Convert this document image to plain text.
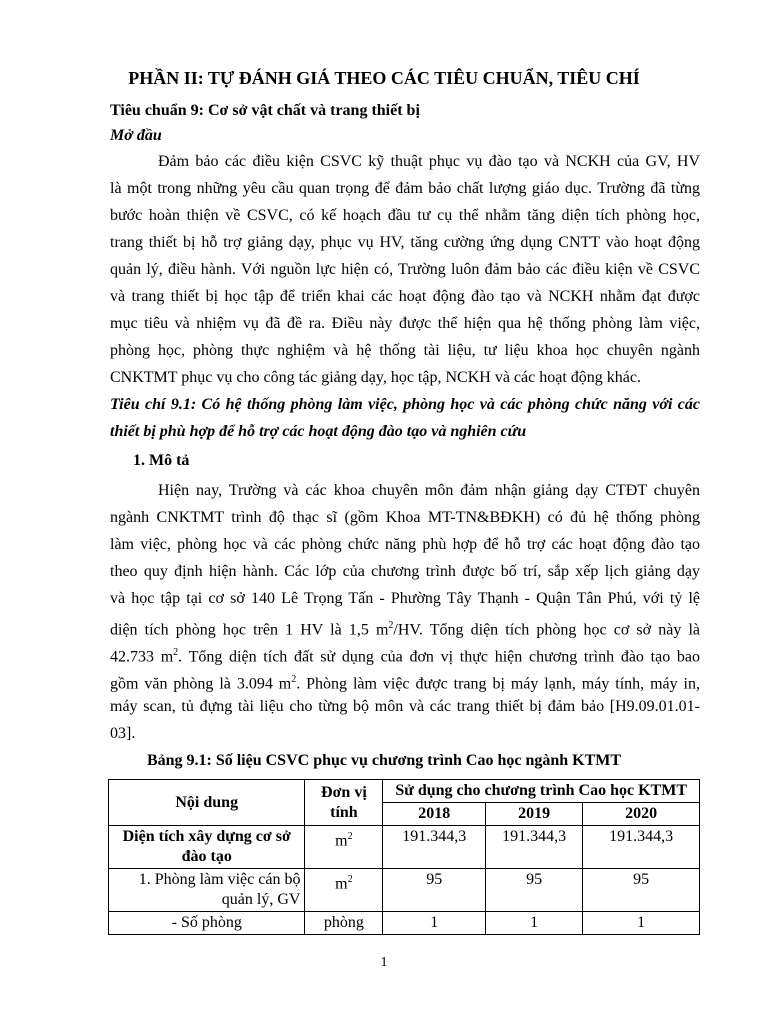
PHẦN II: TỰ ĐÁNH GIÁ THEO CÁC TIÊU CHUẨN, TIÊU CHÍ
Tiêu chuẩn 9: Cơ sở vật chất và trang thiết bị
Mở đầu
Đảm bảo các điều kiện CSVC kỹ thuật phục vụ đào tạo và NCKH của GV, HV
là một trong những yêu cầu quan trọng để đảm bảo chất lượng giáo dục. Trường đã từng
bước hoàn thiện về CSVC, có kế hoạch đầu tư cụ thể nhằm tăng diện tích phòng học,
trang thiết bị hỗ trợ giảng dạy, phục vụ HV, tăng cường ứng dụng CNTT vào hoạt động
quản lý, điều hành. Với nguồn lực hiện có, Trường luôn đảm bảo các điều kiện về CSVC
và trang thiết bị học tập để triển khai các hoạt động đào tạo và NCKH nhằm đạt được
mục tiêu và nhiệm vụ đã đề ra. Điều này được thể hiện qua hệ thống phòng làm việc,
phòng học, phòng thực nghiệm và hệ thống tài liệu, tư liệu khoa học chuyên ngành
CNKTMT phục vụ cho công tác giảng dạy, học tập, NCKH và các hoạt động khác.
Tiêu chí 9.1: Có hệ thống phòng làm việc, phòng học và các phòng chức năng với các
thiết bị phù hợp để hỗ trợ các hoạt động đào tạo và nghiên cứu
1. Mô tả
Hiện nay, Trường và các khoa chuyên môn đảm nhận giảng dạy CTĐT chuyên
ngành CNKTMT trình độ thạc sĩ (gồm Khoa MT-TN&BĐKH) có đủ hệ thống phòng
làm việc, phòng học và các phòng chức năng phù hợp để hỗ trợ các hoạt động đào tạo
theo quy định hiện hành. Các lớp của chương trình được bố trí, sắp xếp lịch giảng dạy
và học tập tại cơ sở 140 Lê Trọng Tấn - Phường Tây Thạnh - Quận Tân Phú, với tỷ lệ
diện tích phòng học trên 1 HV là 1,5 $m^2/HV$. Tổng diện tích phòng học cơ sở này là
42.733 $m^2$. Tổng diện tích đất sử dụng của đơn vị thực hiện chương trình đào tạo bao
gồm văn phòng là 3.094 $m^2$. Phòng làm việc được trang bị máy lạnh, máy tính, máy in,
máy scan, tủ đựng tài liệu cho từng bộ môn và các trang thiết bị đảm bảo [H9.09.01.01-
03].
Bảng 9.1: Số liệu CSVC phục vụ chương trình Cao học ngành KTMT
Nội dung	Đơn vị tính	Sử dụng cho chương trình Cao học KTMT		
		2018	2019	2020
Diện tích xây dựng cơ sở đào tạo	$m^2$	191.344,3	191.344,3	191.344,3
1. Phòng làm việc cán bộ quản lý, GV	$m^2$	95	95	95
- Số phòng	phòng	1	1	1
1
